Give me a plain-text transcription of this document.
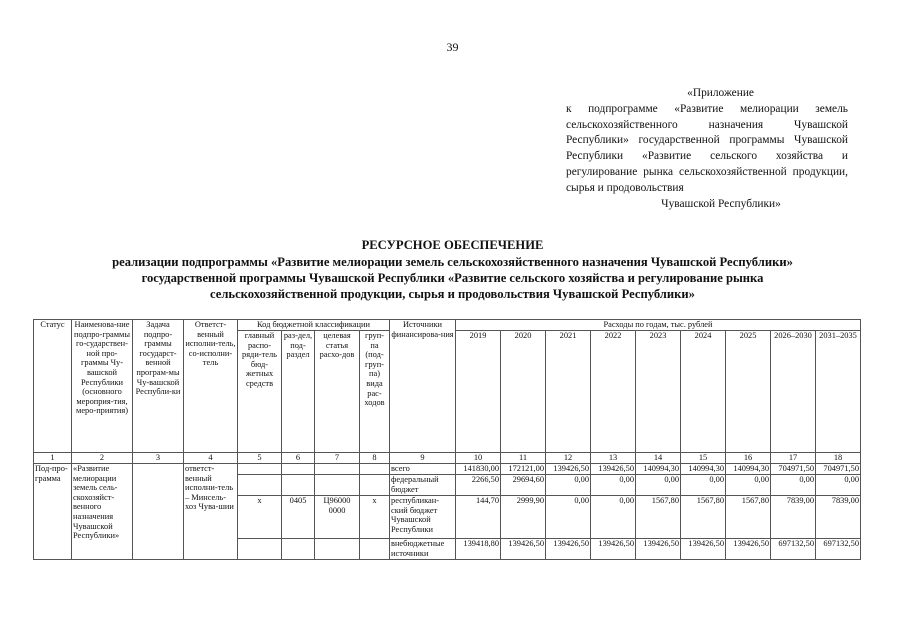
39
«Приложение
к подпрограмме «Развитие мелиорации земель сельскохозяйственного назначения Чувашской Республики» государственной программы Чувашской Республики «Развитие сельского хозяйства и регулирование рынка сельскохозяйственной продукции, сырья и продовольствия
Чувашской Республики»
РЕСУРСНОЕ ОБЕСПЕЧЕНИЕ
реализации подпрограммы «Развитие мелиорации земель сельскохозяйственного назначения Чувашской Республики»
государственной программы Чувашской Республики «Развитие сельского хозяйства и регулирование рынка
сельскохозяйственной продукции, сырья и продовольствия Чувашской Республики»
Статус	Наименова-ние подпро-граммы го-сударствен-ной про-граммы Чу-вашской Республики (основного мероприя-тия, меро-приятия)	Задача подпро-граммы государст-венной програм-мы Чу-вашской Республи-ки	Ответст-венный исполни-тель, со-исполни-тель	Код бюджетной классификации				Источники финансирова-ния	Расходы по годам, тыс. рублей								
				главный распо-ряди-тель бюд-жетных средств	раз-дел, под-раздел	целевая статья расхо-дов	груп-па (под-груп-па) вида рас-ходов		2019	2020	2021	2022	2023	2024	2025	2026–2030	2031–2035
1	2	3	4	5	6	7	8	9	10	11	12	13	14	15	16	17	18
Под-про-грамма	«Развитие мелиорации земель сель-скохозяйст-венного назначения Чувашской Республики»		ответст-венный исполни-тель – Минсель-хоз Чува-шии					всего	141830,00	172121,00	139426,50	139426,50	140994,30	140994,30	140994,30	704971,50	704971,50
								федеральный бюджет	2266,50	29694,60	0,00	0,00	0,00	0,00	0,00	0,00	0,00
				x	0405	Ц96000 0000	x	республикан-ский бюджет Чувашской Республики	144,70	2999,90	0,00	0,00	1567,80	1567,80	1567,80	7839,00	7839,00
								внебюджетные источники	139418,80	139426,50	139426,50	139426,50	139426,50	139426,50	139426,50	697132,50	697132,50
